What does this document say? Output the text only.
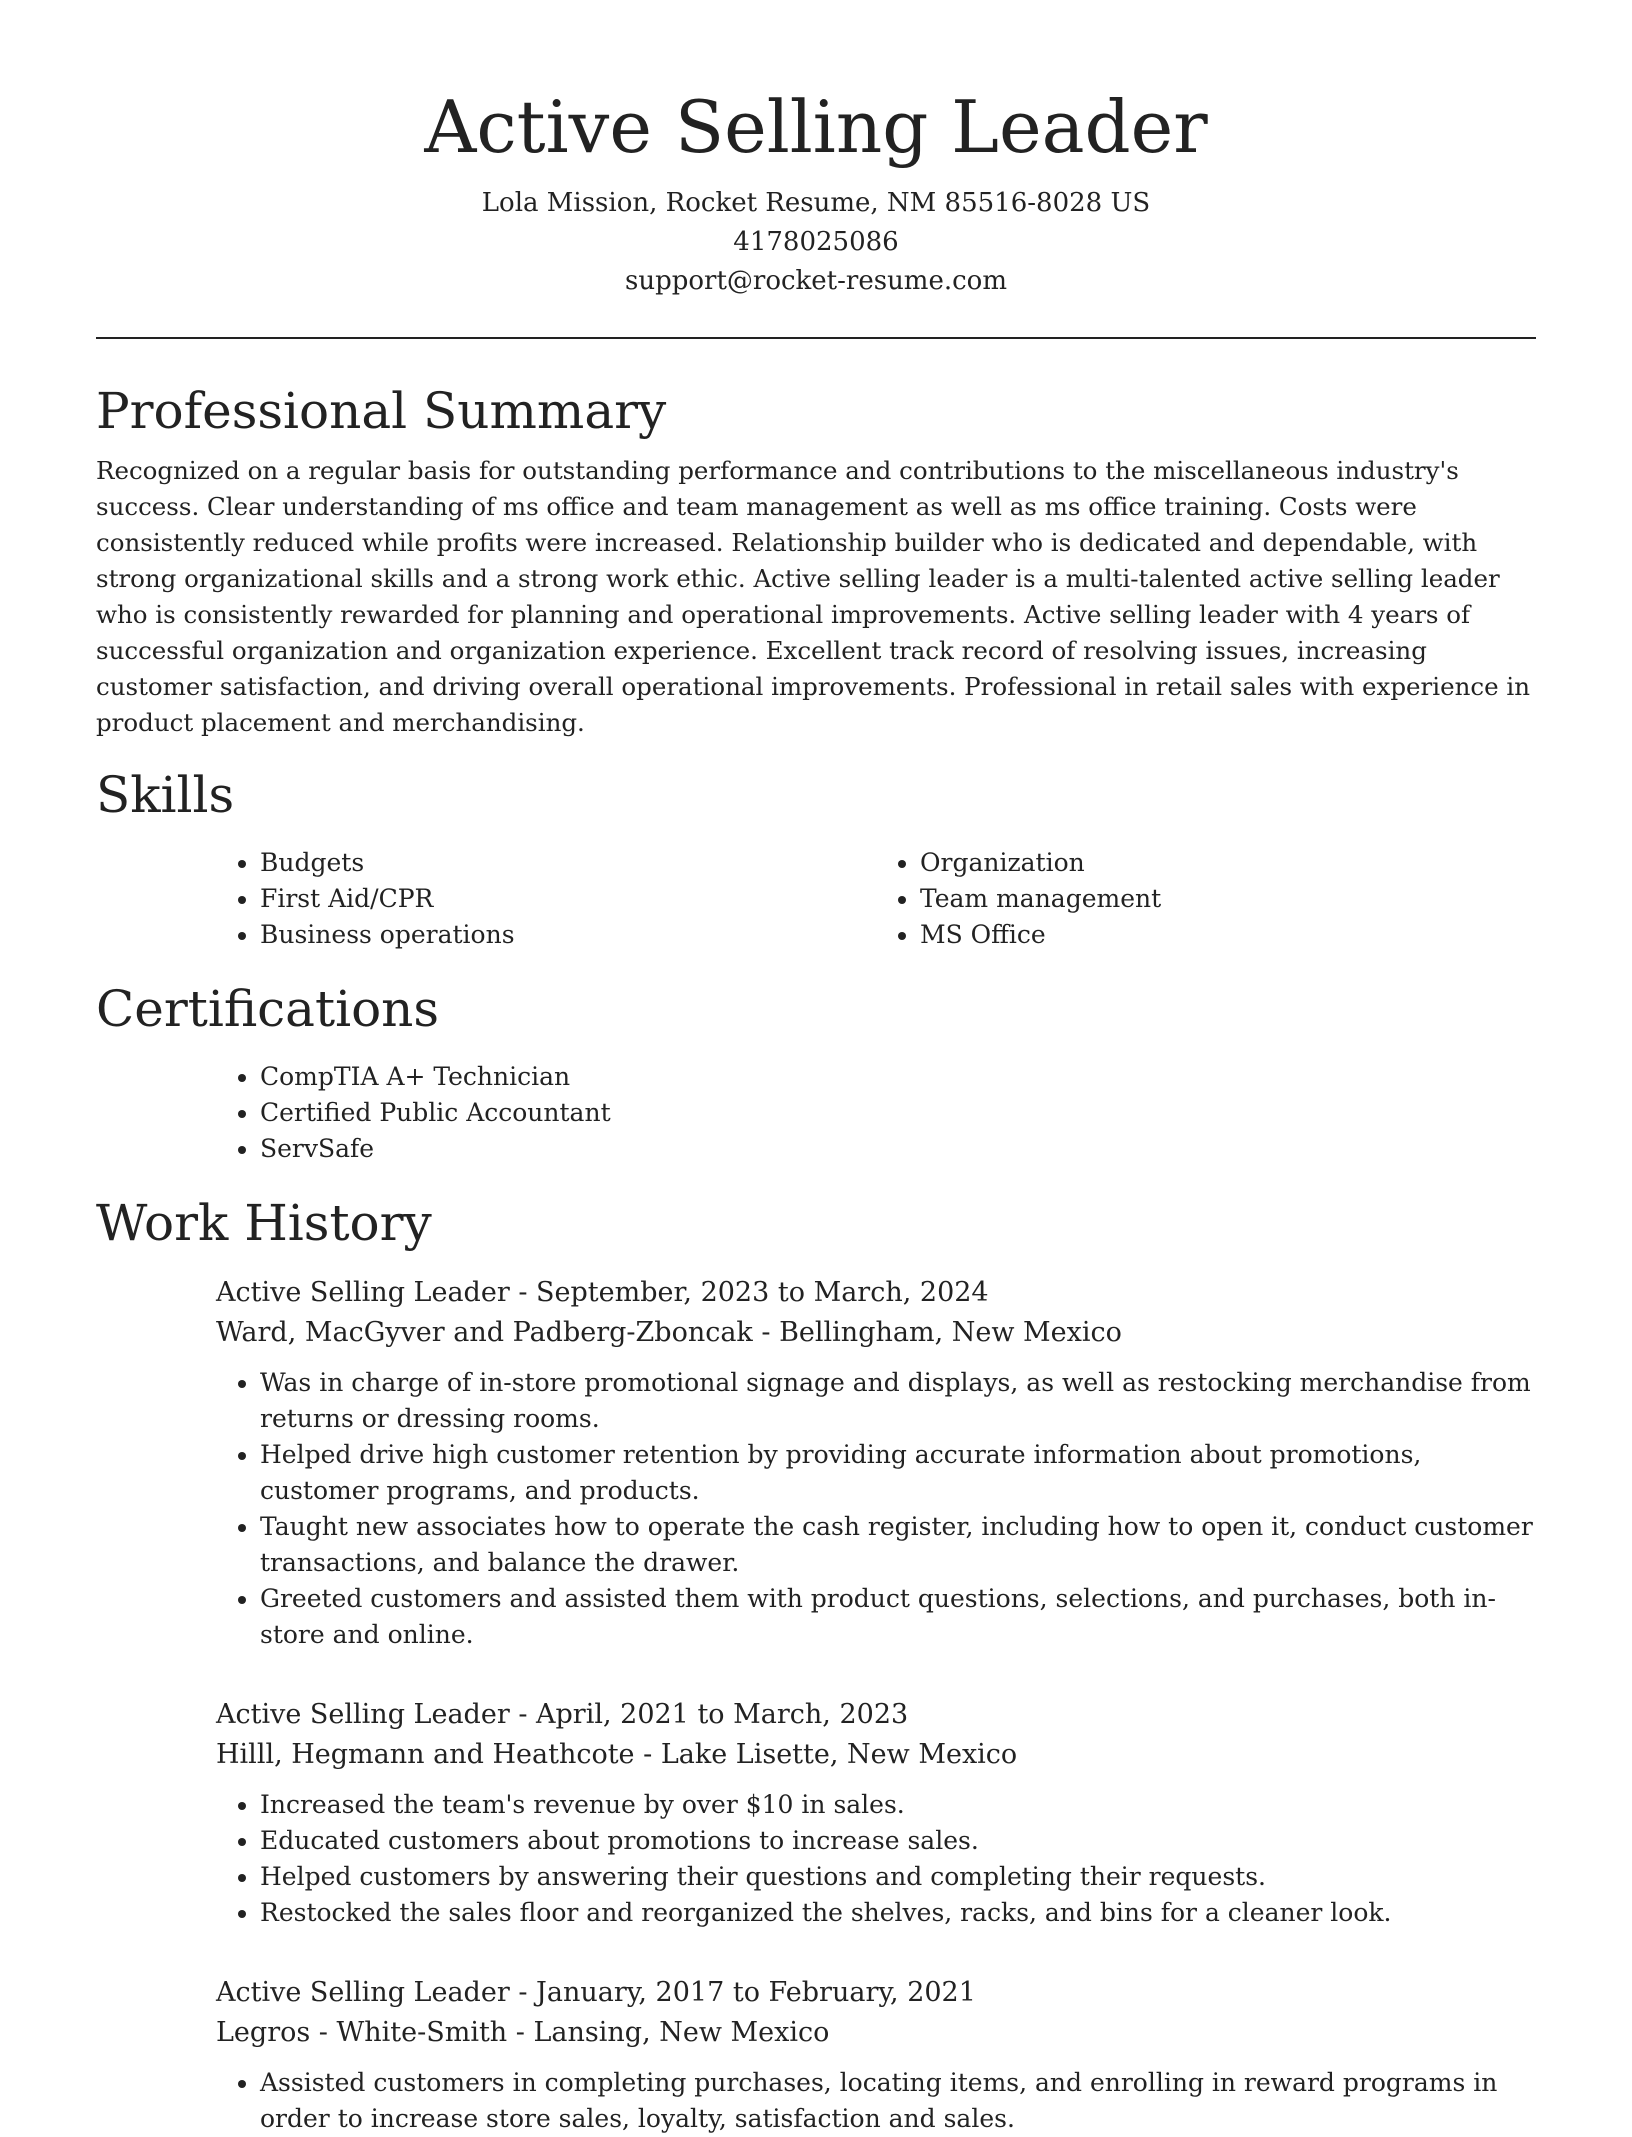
Active Selling Leader

Lola Mission, Rocket Resume, NM 85516-8028 US

4178025086

support@rocket-resume.com

Professional Summary

Recognized on a regular basis for outstanding performance and contributions to the miscellaneous industry's success. Clear understanding of ms office and team management as well as ms office training. Costs were consistently reduced while profits were increased. Relationship builder who is dedicated and dependable, with strong organizational skills and a strong work ethic. Active selling leader is a multi-talented active selling leader who is consistently rewarded for planning and operational improvements. Active selling leader with 4 years of successful organization and organization experience. Excellent track record of resolving issues, increasing customer satisfaction, and driving overall operational improvements. Professional in retail sales with experience in product placement and merchandising.

Skills
• Budgets
• First Aid/CPR
• Business operations
• Organization
• Team management
• MS Office
Certifications
• CompTIA A+ Technician
• Certified Public Accountant
• ServSafe
Work History

Active Selling Leader - September, 2023 to March, 2024

Ward, MacGyver and Padberg-Zboncak - Bellingham, New Mexico

• Was in charge of in-store promotional signage and displays, as well as restocking merchandise from returns or dressing rooms.
• Helped drive high customer retention by providing accurate information about promotions, customer programs, and products.
• Taught new associates how to operate the cash register, including how to open it, conduct customer transactions, and balance the drawer.
• Greeted customers and assisted them with product questions, selections, and purchases, both in-store and online.

Active Selling Leader - April, 2021 to March, 2023

Hilll, Hegmann and Heathcote - Lake Lisette, New Mexico

• Increased the team's revenue by over $10 in sales.
• Educated customers about promotions to increase sales.
• Helped customers by answering their questions and completing their requests.
• Restocked the sales floor and reorganized the shelves, racks, and bins for a cleaner look.

Active Selling Leader - January, 2017 to February, 2021

Legros - White-Smith - Lansing, New Mexico

• Assisted customers in completing purchases, locating items, and enrolling in reward programs in order to increase store sales, loyalty, satisfaction and sales.
